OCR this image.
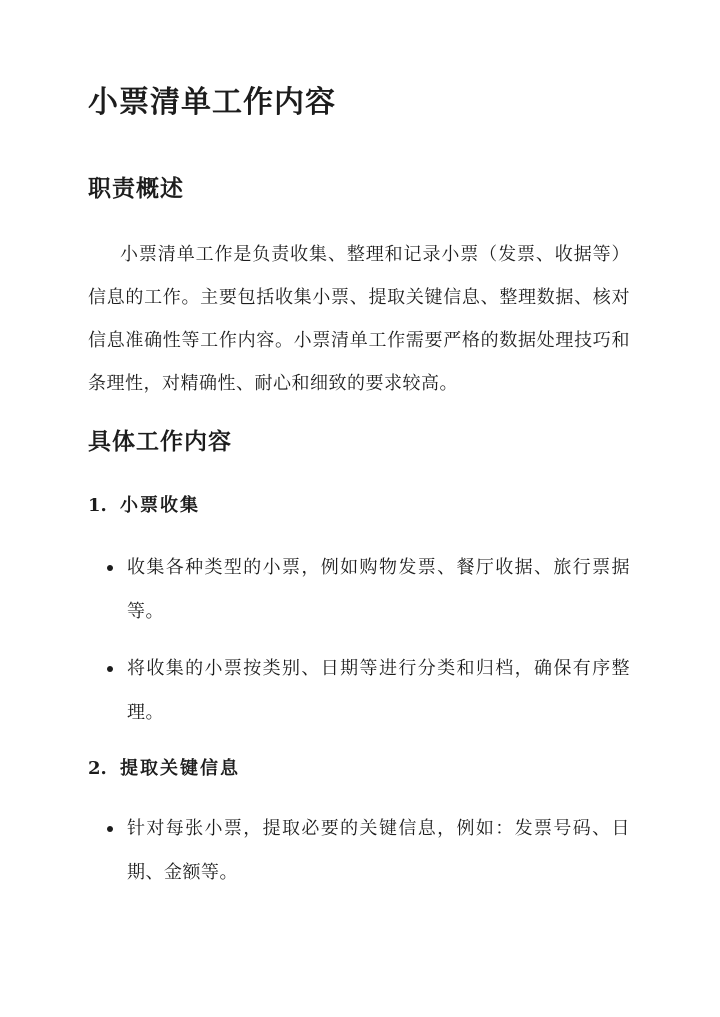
小票清单工作内容
职责概述

小票清单工作是负责收集、整理和记录小票（发票、收据等）信息的工作。主要包括收集小票、提取关键信息、整理数据、核对信息准确性等工作内容。小票清单工作需要严格的数据处理技巧和条理性，对精确性、耐心和细致的要求较高。

具体工作内容
1. 小票收集
收集各种类型的小票，例如购物发票、餐厅收据、旅行票据等。
将收集的小票按类别、日期等进行分类和归档，确保有序整理。
2. 提取关键信息
针对每张小票，提取必要的关键信息，例如：发票号码、日期、金额等。
